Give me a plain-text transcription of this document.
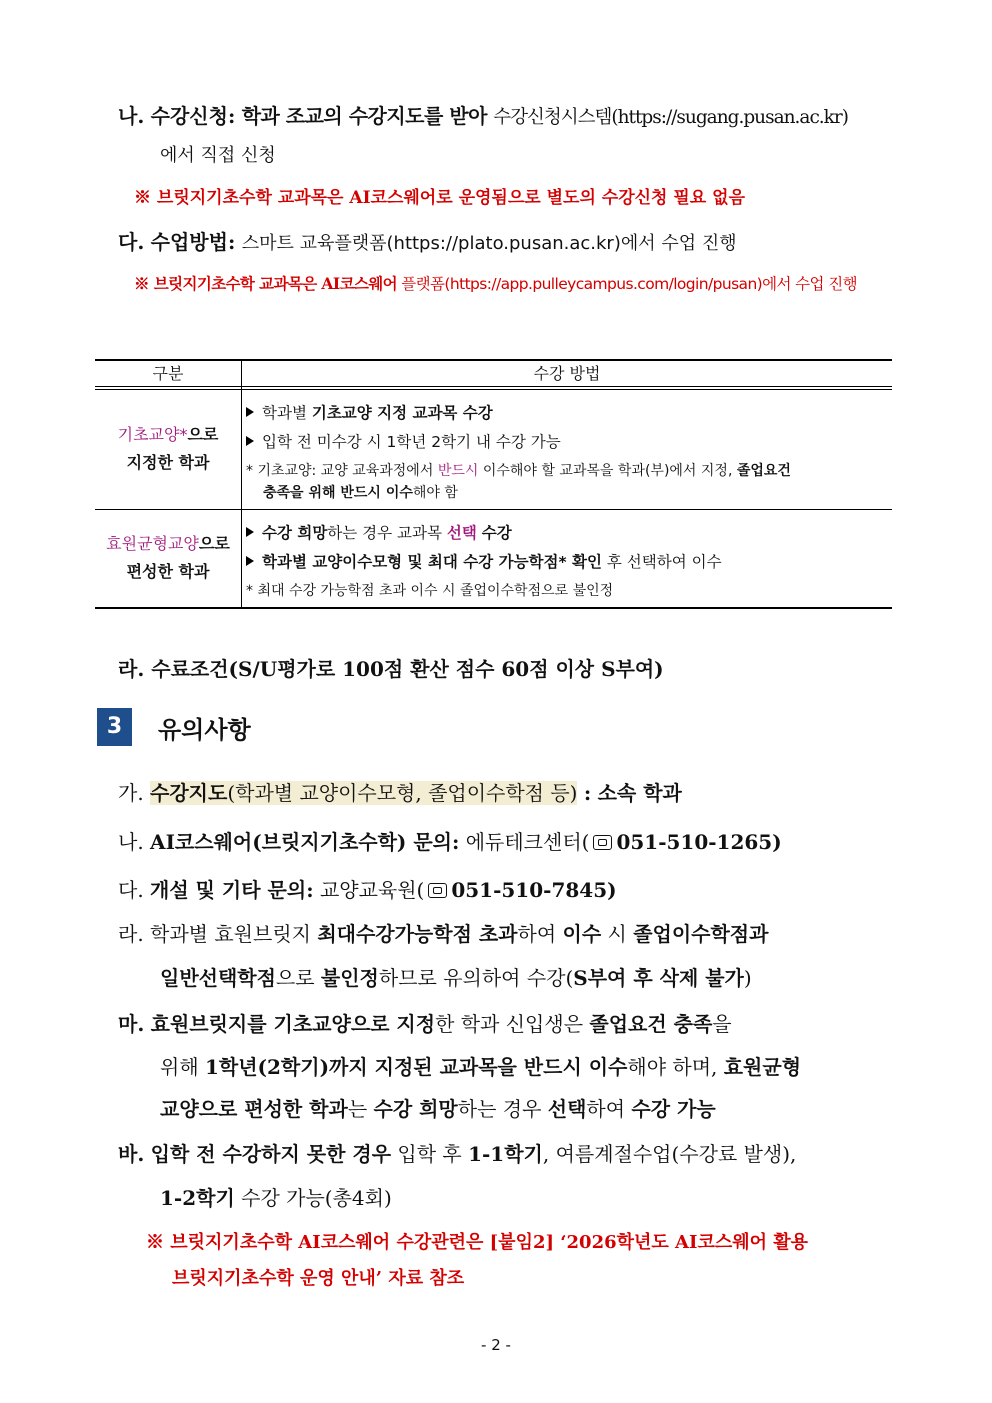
나. 수강신청: 학과 조교의 수강지도를 받아 수강신청시스템(https://sugang.pusan.ac.kr)
에서 직접 신청
※ 브릿지기초수학 교과목은 AI코스웨어로 운영됨으로 별도의 수강신청 필요 없음
다. 수업방법: 스마트 교육플랫폼(https://plato.pusan.ac.kr)에서 수업 진행
※ 브릿지기초수학 교과목은 AI코스웨어 플랫폼(https://app.pulleycampus.com/login/pusan)에서 수업 진행
구분	수강 방법
기초교양*으로
지정한 학과
학과별 기초교양 지정 교과목 수강
입학 전 미수강 시 1학년 2학기 내 수강 가능
* 기초교양: 교양 교육과정에서 반드시 이수해야 할 교과목을 학과(부)에서 지정, 졸업요건
충족을 위해 반드시 이수해야 함
효원균형교양으로
편성한 학과
수강 희망하는 경우 교과목 선택 수강
학과별 교양이수모형 및 최대 수강 가능학점* 확인 후 선택하여 이수
* 최대 수강 가능학점 초과 이수 시 졸업이수학점으로 불인정
라. 수료조건(S/U평가로 100점 환산 점수 60점 이상 S부여)
3	유의사항
가. 수강지도(학과별 교양이수모형, 졸업이수학점 등) : 소속 학과
나. AI코스웨어(브릿지기초수학) 문의: 에듀테크센터( 051-510-1265)
다. 개설 및 기타 문의: 교양교육원( 051-510-7845)
라. 학과별 효원브릿지 최대수강가능학점 초과하여 이수 시 졸업이수학점과
일반선택학점으로 불인정하므로 유의하여 수강(S부여 후 삭제 불가)
마. 효원브릿지를 기초교양으로 지정한 학과 신입생은 졸업요건 충족을
위해 1학년(2학기)까지 지정된 교과목을 반드시 이수해야 하며, 효원균형
교양으로 편성한 학과는 수강 희망하는 경우 선택하여 수강 가능
바. 입학 전 수강하지 못한 경우 입학 후 1-1학기, 여름계절수업(수강료 발생),
1-2학기 수강 가능(총4회)
※ 브릿지기초수학 AI코스웨어 수강관련은 [붙임2] ‘2026학년도 AI코스웨어 활용
브릿지기초수학 운영 안내’ 자료 참조
- 2 -
